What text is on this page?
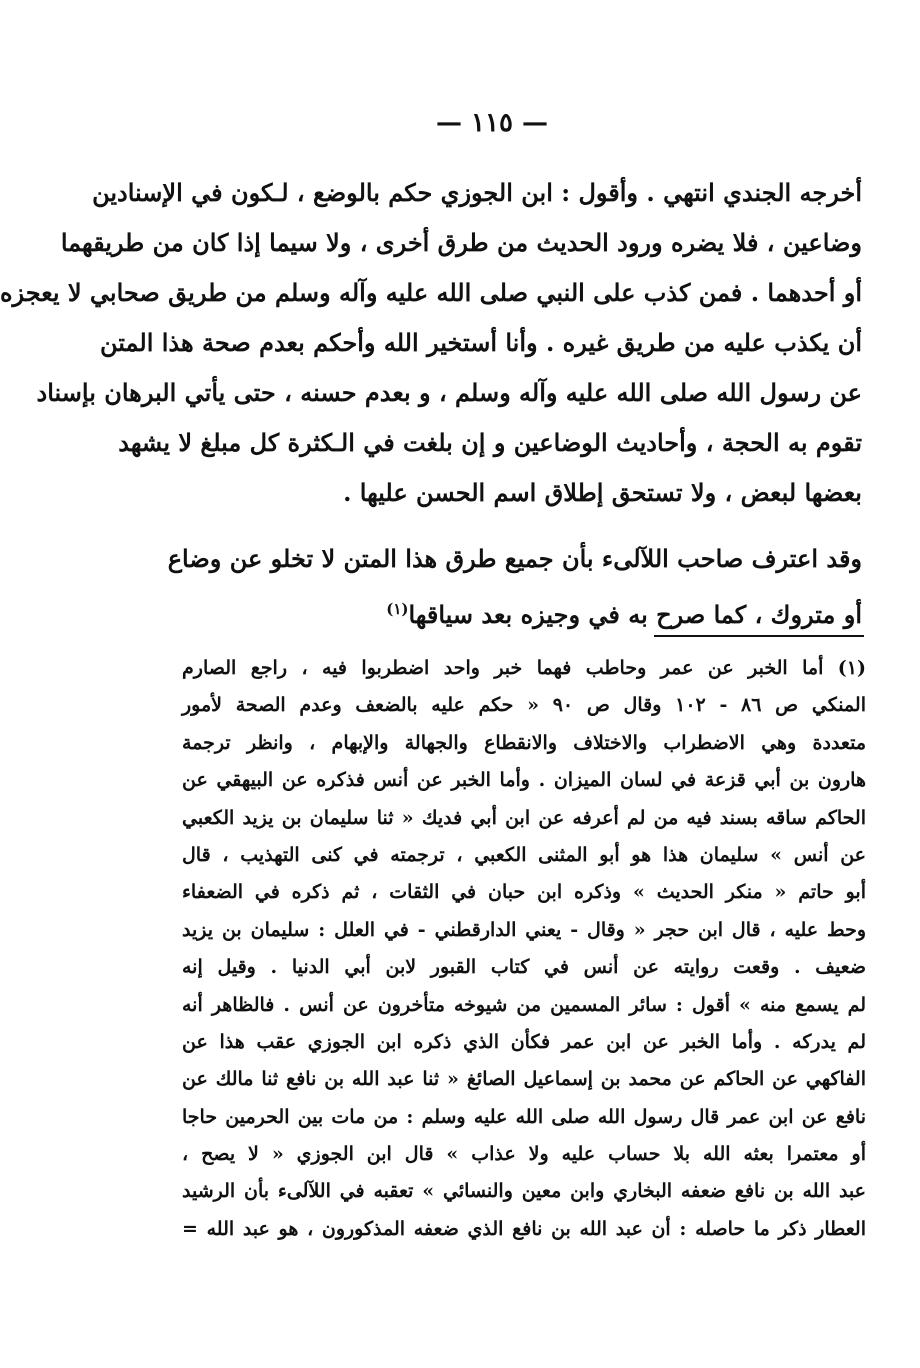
— ١١٥ —
أخرجه الجندي انتهي . وأقول : ابن الجوزي حكم بالوضع ، لـكون في الإسنادين
وضاعين ، فلا يضره ورود الحديث من طرق أخرى ، ولا سيما إذا كان من طريقهما
أو أحدهما . فمن كذب على النبي صلى الله عليه وآله وسلم من طريق صحابي لا يعجزه
أن يكذب عليه من طريق غيره . وأنا أستخير الله وأحكم بعدم صحة هذا المتن
عن رسول الله صلى الله عليه وآله وسلم ، و بعدم حسنه ، حتى يأتي البرهان بإسناد
تقوم به الحجة ، وأحاديث الوضاعين و إن بلغت في الـكثرة كل مبلغ لا يشهد
بعضها لبعض ، ولا تستحق إطلاق اسم الحسن عليها .
وقد اعترف صاحب اللآلىء بأن جميع طرق هذا المتن لا تخلو عن وضاع
أو متروك ، كما صرح به في وجيزه بعد سياقها$^{(١)}$
(١) أما الخبر عن عمر وحاطب فهما خبر واحد اضطربوا فيه ، راجع الصارم
المنكي ص ٨٦ - ١٠٢ وقال ص ٩٠ « حكم عليه بالضعف وعدم الصحة لأمور
متعددة وهي الاضطراب والاختلاف والانقطاع والجهالة والإبهام ، وانظر ترجمة
هارون بن أبي قزعة في لسان الميزان . وأما الخبر عن أنس فذكره عن البيهقي عن
الحاكم ساقه بسند فيه من لم أعرفه عن ابن أبي فديك « ثنا سليمان بن يزيد الكعبي
عن أنس » سليمان هذا هو أبو المثنى الكعبي ، ترجمته في كنى التهذيب ، قال
أبو حاتم « منكر الحديث » وذكره ابن حبان في الثقات ، ثم ذكره في الضعفاء
وحط عليه ، قال ابن حجر « وقال - يعني الدارقطني - في العلل : سليمان بن يزيد
ضعيف . وقعت روايته عن أنس في كتاب القبور لابن أبي الدنيا . وقيل إنه
لم يسمع منه » أقول : سائر المسمين من شيوخه متأخرون عن أنس . فالظاهر أنه
لم يدركه . وأما الخبر عن ابن عمر فكأن الذي ذكره ابن الجوزي عقب هذا عن
الفاكهي عن الحاكم عن محمد بن إسماعيل الصائغ « ثنا عبد الله بن نافع ثنا مالك عن
نافع عن ابن عمر قال رسول الله صلى الله عليه وسلم : من مات بين الحرمين حاجا
أو معتمرا بعثه الله بلا حساب عليه ولا عذاب » قال ابن الجوزي « لا يصح ،
عبد الله بن نافع ضعفه البخاري وابن معين والنسائي » تعقبه في اللآلىء بأن الرشيد
العطار ذكر ما حاصله : أن عبد الله بن نافع الذي ضعفه المذكورون ، هو عبد الله =
